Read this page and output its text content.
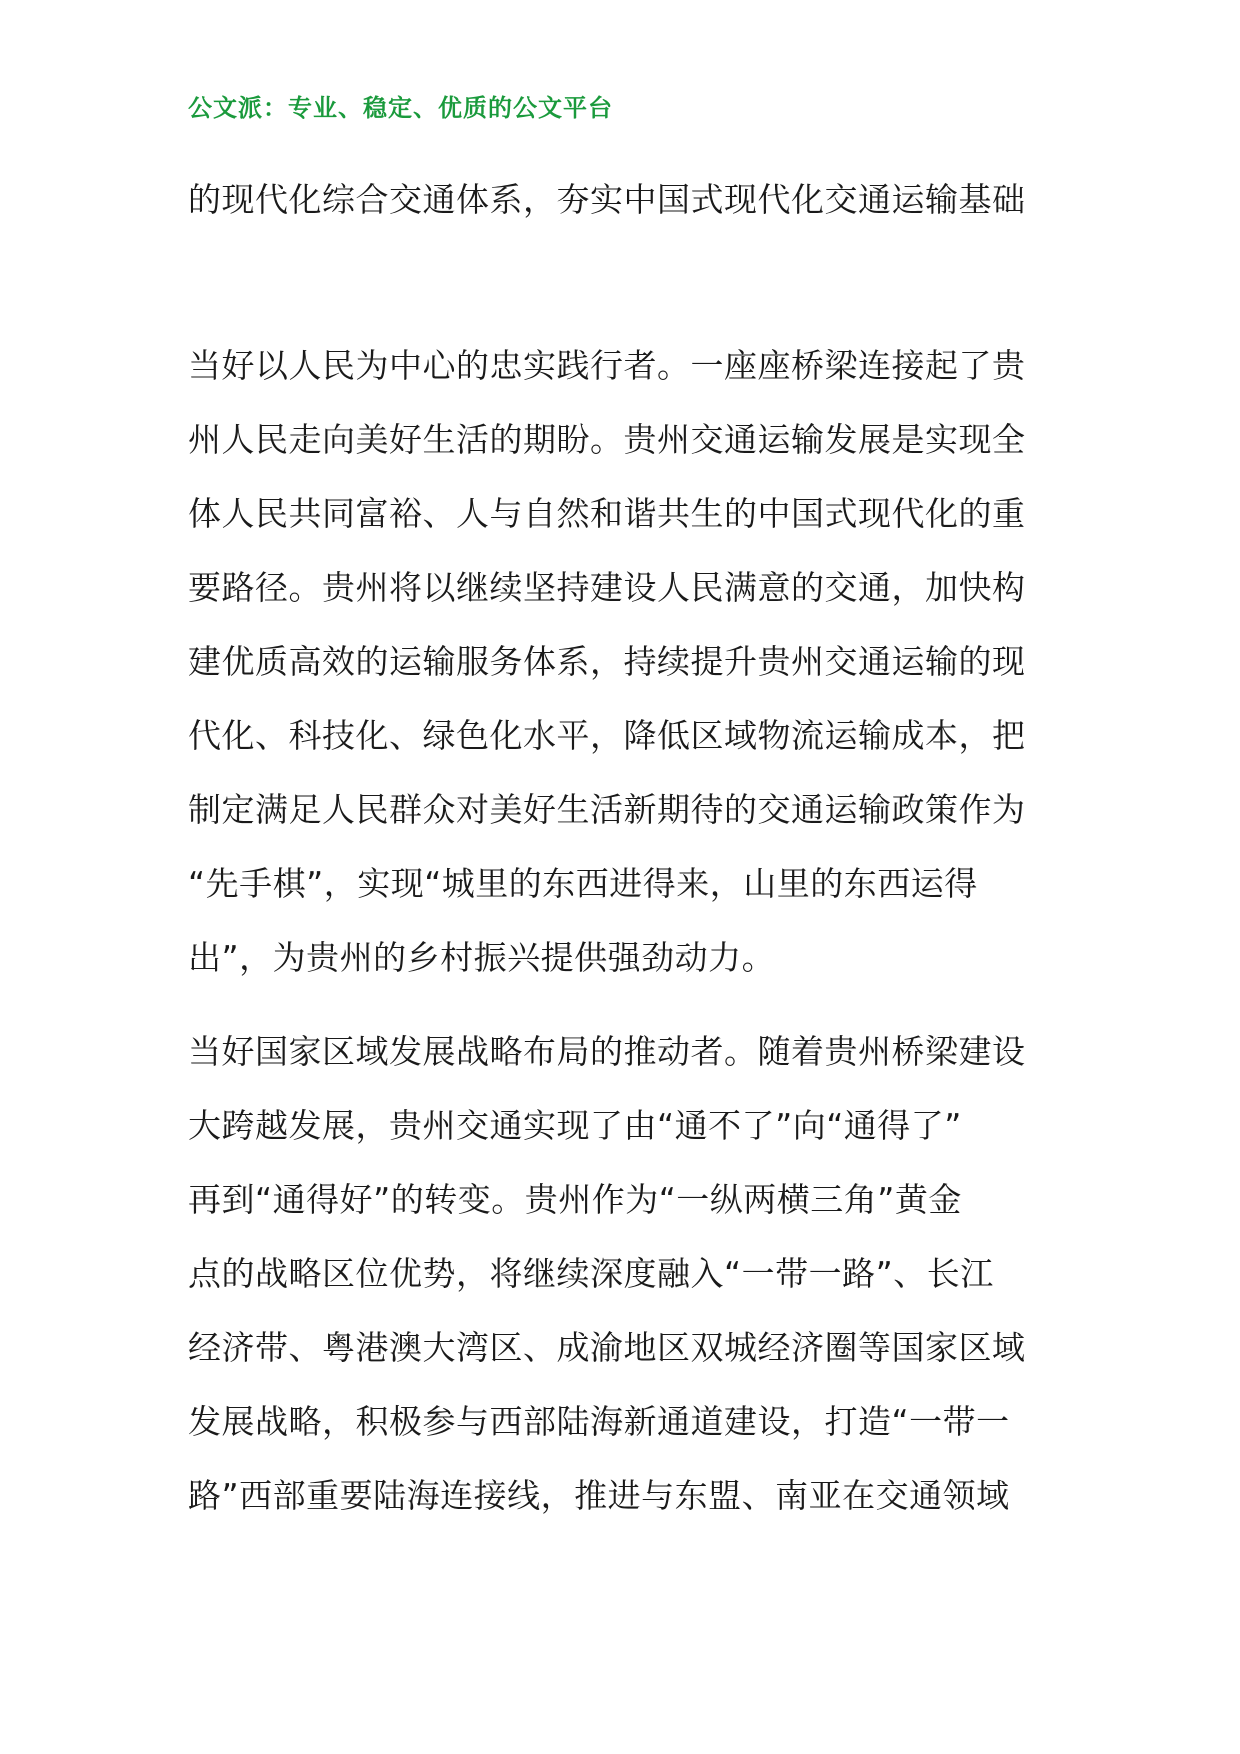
公文派：专业、稳定、优质的公文平台
的现代化综合交通体系，夯实中国式现代化交通运输基础
当好以人民为中心的忠实践行者。一座座桥梁连接起了贵
州人民走向美好生活的期盼。贵州交通运输发展是实现全
体人民共同富裕、人与自然和谐共生的中国式现代化的重
要路径。贵州将以继续坚持建设人民满意的交通，加快构
建优质高效的运输服务体系，持续提升贵州交通运输的现
代化、科技化、绿色化水平，降低区域物流运输成本，把
制定满足人民群众对美好生活新期待的交通运输政策作为
“先手棋”，实现“城里的东西进得来，山里的东西运得
出”，为贵州的乡村振兴提供强劲动力。
当好国家区域发展战略布局的推动者。随着贵州桥梁建设
大跨越发展，贵州交通实现了由“通不了”向“通得了”
再到“通得好”的转变。贵州作为“一纵两横三角”黄金
点的战略区位优势，将继续深度融入“一带一路”、长江
经济带、粤港澳大湾区、成渝地区双城经济圈等国家区域
发展战略，积极参与西部陆海新通道建设，打造“一带一
路”西部重要陆海连接线，推进与东盟、南亚在交通领域
